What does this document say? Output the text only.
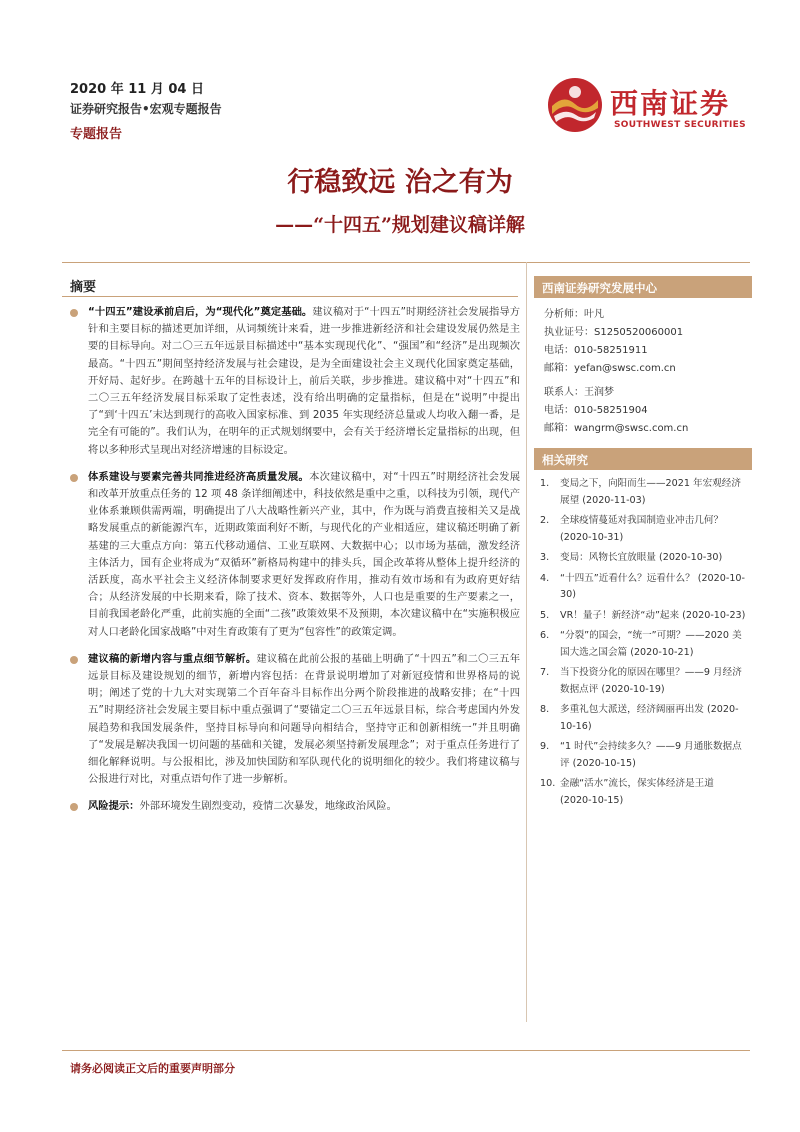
2020 年 11 月 04 日
证券研究报告•宏观专题报告
专题报告
西南证券
SOUTHWEST SECURITIES
行稳致远 治之有为
——“十四五”规划建议稿详解
摘要
“十四五”建设承前启后，为“现代化”奠定基础。建议稿对于“十四五”时期经济社会发展指导方针和主要目标的描述更加详细，从词频统计来看，进一步推进新经济和社会建设发展仍然是主要的目标导向。对二〇三五年远景目标描述中“基本实现现代化”、“强国”和“经济”是出现频次最高。“十四五”期间坚持经济发展与社会建设，是为全面建设社会主义现代化国家奠定基础，开好局、起好步。在跨越十五年的目标设计上，前后关联，步步推进。建议稿中对“十四五”和二〇三五年经济发展目标采取了定性表述，没有给出明确的定量指标，但是在“说明”中提出了“到‘十四五’末达到现行的高收入国家标准、到 2035 年实现经济总量或人均收入翻一番，是完全有可能的”。我们认为，在明年的正式规划纲要中，会有关于经济增长定量指标的出现，但将以多种形式呈现出对经济增速的目标设定。
体系建设与要素完善共同推进经济高质量发展。本次建议稿中，对“十四五”时期经济社会发展和改革开放重点任务的 12 项 48 条详细阐述中，科技依然是重中之重，以科技为引领，现代产业体系兼顾供需两端，明确提出了八大战略性新兴产业，其中，作为既与消费直接相关又是战略发展重点的新能源汽车，近期政策面利好不断，与现代化的产业相适应，建议稿还明确了新基建的三大重点方向：第五代移动通信、工业互联网、大数据中心；以市场为基础，激发经济主体活力，国有企业将成为“双循环”新格局构建中的排头兵，国企改革将从整体上提升经济的活跃度，高水平社会主义经济体制要求更好发挥政府作用，推动有效市场和有为政府更好结合；从经济发展的中长期来看，除了技术、资本、数据等外，人口也是重要的生产要素之一，目前我国老龄化严重，此前实施的全面“二孩”政策效果不及预期，本次建议稿中在“实施积极应对人口老龄化国家战略”中对生育政策有了更为“包容性”的政策定调。
建议稿的新增内容与重点细节解析。建议稿在此前公报的基础上明确了“十四五”和二〇三五年远景目标及建设规划的细节，新增内容包括：在背景说明增加了对新冠疫情和世界格局的说明；阐述了党的十九大对实现第二个百年奋斗目标作出分两个阶段推进的战略安排；在“十四五”时期经济社会发展主要目标中重点强调了“要锚定二〇三五年远景目标，综合考虑国内外发展趋势和我国发展条件，坚持目标导向和问题导向相结合，坚持守正和创新相统一”并且明确了“发展是解决我国一切问题的基础和关键，发展必须坚持新发展理念”；对于重点任务进行了细化解释说明。与公报相比，涉及加快国防和军队现代化的说明细化的较少。我们将建议稿与公报进行对比，对重点语句作了进一步解析。
风险提示：外部环境发生剧烈变动，疫情二次暴发，地缘政治风险。
西南证券研究发展中心
分析师：叶凡
执业证号：S1250520060001
电话：010-58251911
邮箱：yefan@swsc.com.cn
联系人：王润梦
电话：010-58251904
邮箱：wangrm@swsc.com.cn
相关研究
1. 变局之下，向阳而生——2021 年宏观经济展望 (2020-11-03)
2. 全球疫情蔓延对我国制造业冲击几何？ (2020-10-31)
3. 变局：风物长宜放眼量 (2020-10-30)
4. “十四五”近看什么？远看什么？ (2020-10-30)
5. VR！量子！新经济“动”起来 (2020-10-23)
6. “分裂”的国会，“统一”可期？——2020 美国大选之国会篇 (2020-10-21)
7. 当下投资分化的原因在哪里？——9 月经济数据点评 (2020-10-19)
8. 多重礼包大派送，经济阔丽再出发 (2020-10-16)
9. “1 时代”会持续多久？——9 月通胀数据点评 (2020-10-15)
10. 金融“活水”流长，保实体经济是王道 (2020-10-15)
请务必阅读正文后的重要声明部分
